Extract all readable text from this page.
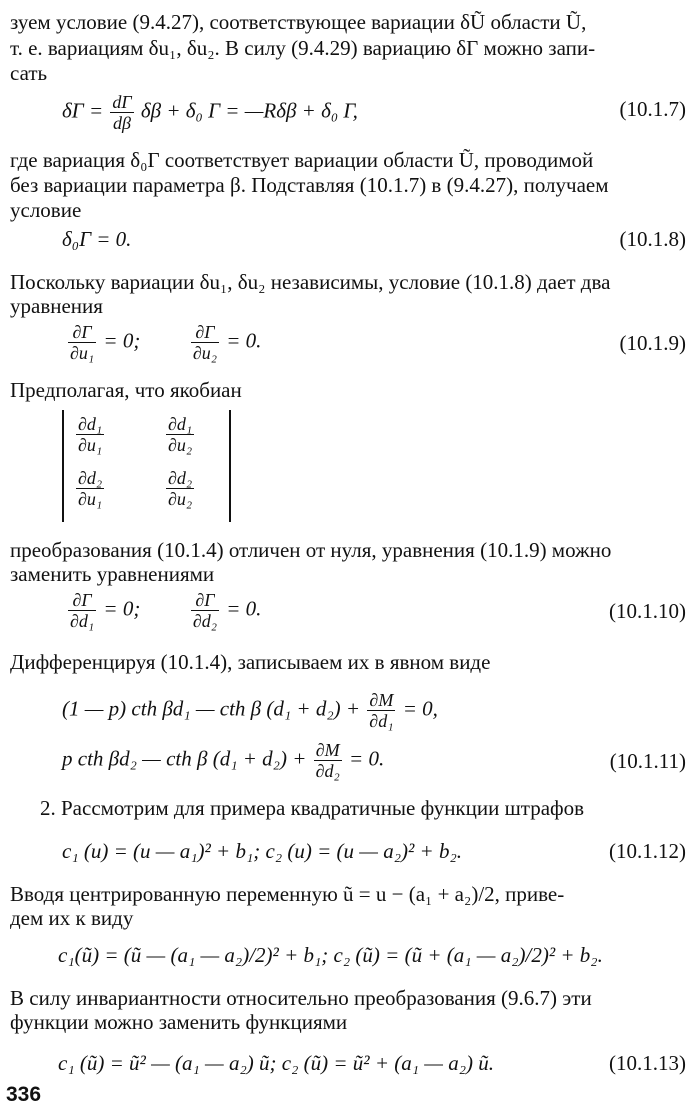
зуем условие (9.4.27), соответствующее вариации δŨ области Ũ,
т. е. вариациям δu₁, δu₂. В силу (9.4.29) вариацию δΓ можно запи-
сать
$\delta\Gamma = \frac{d\Gamma}{d\beta}$ δβ + δ₀ Γ = —Rδβ + δ₀ Γ,	(10.1.7)
где вариация δ₀Γ соответствует вариации области Ũ, проводимой
без вариации параметра β. Подставляя (10.1.7) в (9.4.27), получаем
условие
δ₀Γ = 0.	(10.1.8)
Поскольку вариации δu₁, δu₂ независимы, условие (10.1.8) дает два
уравнения
$\frac{\partial\Gamma}{\text{∂u₁}} = 0$;	$\frac{\partial\Gamma}{\text{∂u₂}} = 0$.	(10.1.9)
Предполагая, что якобиан
$\frac{\text{∂d₁}}{\text{∂u₁}}$	$\frac{\text{∂d₁}}{\text{∂u₂}}$
$\frac{\text{∂d₂}}{\text{∂u₁}}$	$\frac{\text{∂d₂}}{\text{∂u₂}}$
преобразования (10.1.4) отличен от нуля, уравнения (10.1.9) можно
заменить уравнениями
$\frac{\partial\Gamma}{\text{∂d₁}} = 0$;	$\frac{\partial\Gamma}{\text{∂d₂}} = 0$.	(10.1.10)
Дифференцируя (10.1.4), записываем их в явном виде
(1 — p) cth βd₁ — cth β $(d_1 + d_2) + \frac{\partial M}{\text{∂d₁}} = 0$,
p cth βd₂ — cth β $(d_1 + d_2) + \frac{\partial M}{\text{∂d₂}} = 0$.	(10.1.11)
2. Рассмотрим для примера квадратичные функции штрафов
c₁ (u) = (u — a₁)² + b₁; c₂ (u) = (u — a₂)² + b₂.	(10.1.12)
Вводя центрированную переменную ũ = u − (a₁ + a₂)/2, приве-
дем их к виду
c₁(ũ) = (ũ — (a₁ — a₂)/2)² + b₁; c₂ (ũ) = (ũ + (a₁ — a₂)/2)² + b₂.
В силу инвариантности относительно преобразования (9.6.7) эти
функции можно заменить функциями
c₁ (ũ) = ũ² — (a₁ — a₂) ũ; c₂ (ũ) = ũ² + (a₁ — a₂) ũ.	(10.1.13)
336
